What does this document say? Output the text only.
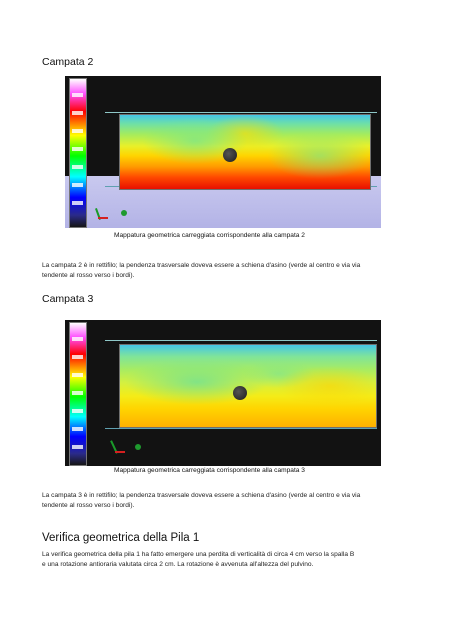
Campata 2
Mappatura geometrica carreggiata corrispondente alla campata 2
La campata 2 è in rettifilo; la pendenza trasversale doveva essere a schiena d'asino (verde al centro e via via
tendente al rosso verso i bordi).
Campata 3
Mappatura geometrica carreggiata corrispondente alla campata 3
La campata 3 è in rettifilo; la pendenza trasversale doveva essere a schiena d'asino (verde al centro e via via
tendente al rosso verso i bordi).
Verifica geometrica della Pila 1
La verifica geometrica della pila 1 ha fatto emergere una perdita di verticalità di circa 4 cm verso la spalla B
e una rotazione antioraria valutata circa 2 cm. La rotazione è avvenuta all'altezza del pulvino.
